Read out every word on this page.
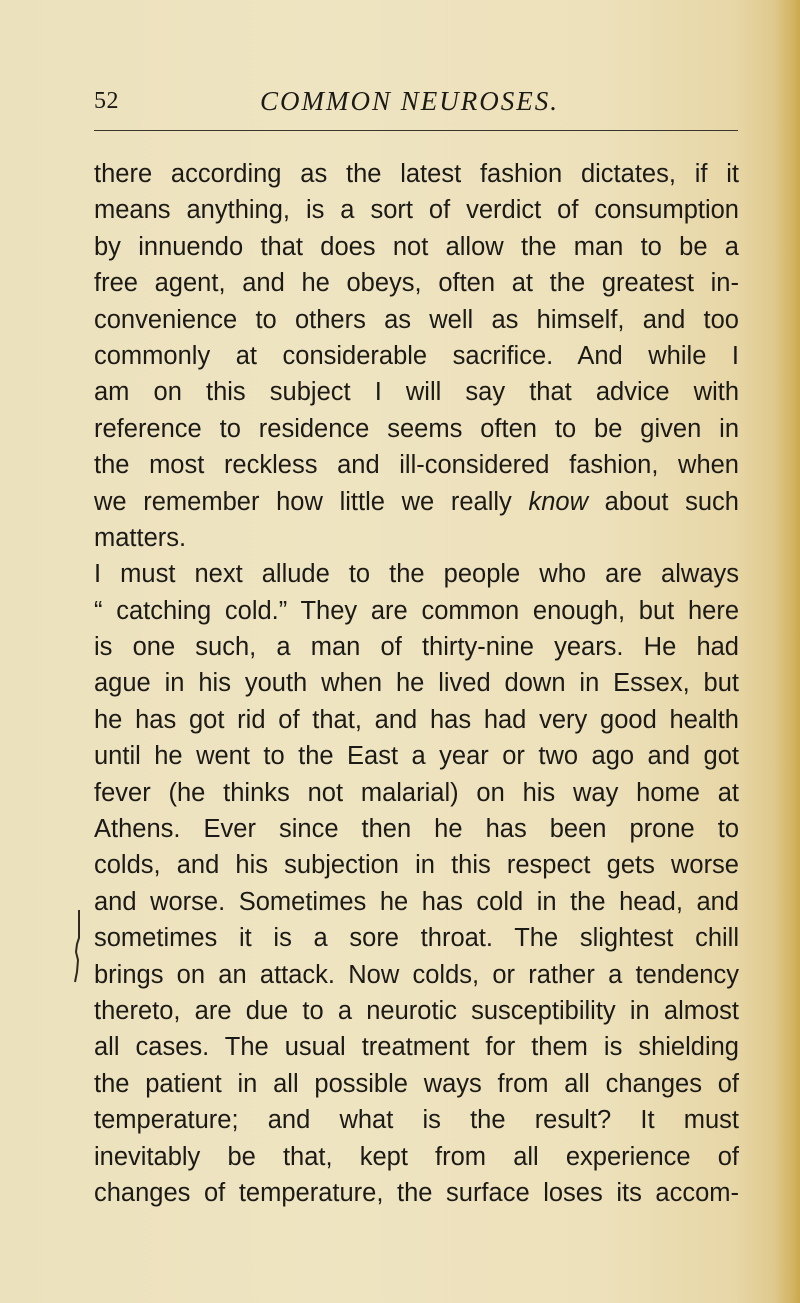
52	COMMON NEUROSES.
there according as the latest fashion dictates, if it
means anything, is a sort of verdict of consumption
by innuendo that does not allow the man to be a
free agent, and he obeys, often at the greatest in-
convenience to others as well as himself, and too
commonly at considerable sacrifice. And while I
am on this subject I will say that advice with
reference to residence seems often to be given in
the most reckless and ill-considered fashion, when
we remember how little we really know about such
matters.
I must next allude to the people who are always
“ catching cold.” They are common enough, but here
is one such, a man of thirty-nine years. He had
ague in his youth when he lived down in Essex, but
he has got rid of that, and has had very good health
until he went to the East a year or two ago and got
fever (he thinks not malarial) on his way home at
Athens. Ever since then he has been prone to
colds, and his subjection in this respect gets worse
and worse. Sometimes he has cold in the head, and
sometimes it is a sore throat. The slightest chill
brings on an attack. Now colds, or rather a tendency
thereto, are due to a neurotic susceptibility in almost
all cases. The usual treatment for them is shielding
the patient in all possible ways from all changes of
temperature; and what is the result? It must
inevitably be that, kept from all experience of
changes of temperature, the surface loses its accom-
